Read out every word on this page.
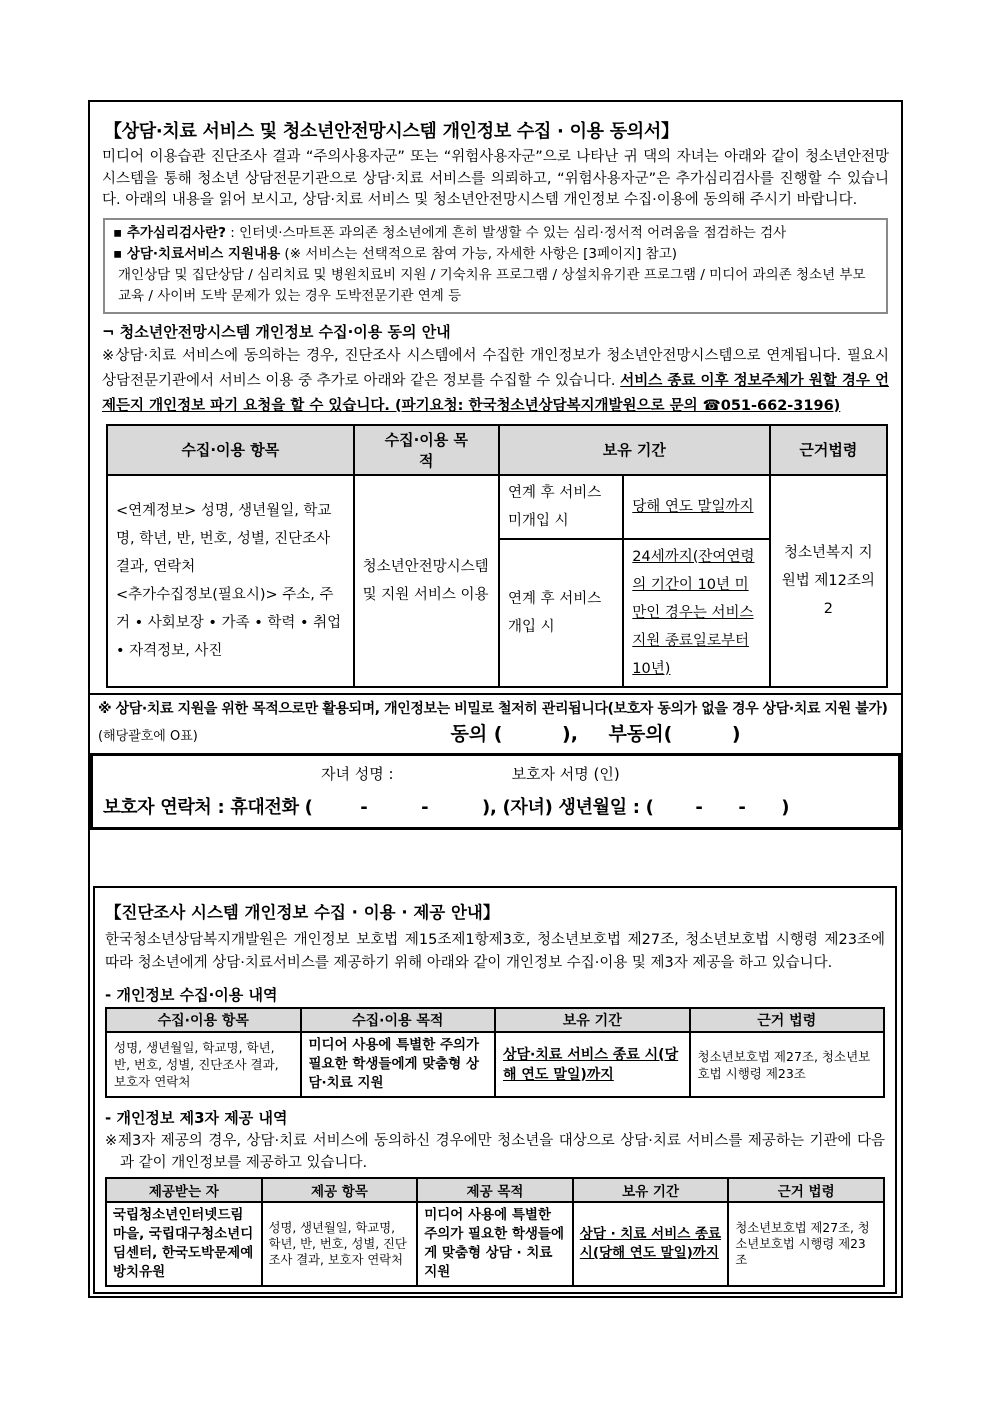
【상담·치료 서비스 및 청소년안전망시스템 개인정보 수집 · 이용 동의서】

미디어 이용습관 진단조사 결과 “주의사용자군” 또는 “위험사용자군”으로 나타난 귀 댁의 자녀는 아래와 같이 청소년안전망시스템을 통해 청소년 상담전문기관으로 상담·치료 서비스를 의뢰하고, “위험사용자군”은 추가심리검사를 진행할 수 있습니다. 아래의 내용을 읽어 보시고, 상담·치료 서비스 및 청소년안전망시스템 개인정보 수집·이용에 동의해 주시기 바랍니다.

▪ 추가심리검사란? : 인터넷·스마트폰 과의존 청소년에게 흔히 발생할 수 있는 심리·정서적 어려움을 점검하는 검사
▪ 상담·치료서비스 지원내용 (※ 서비스는 선택적으로 참여 가능, 자세한 사항은 [3페이지] 참고)
개인상담 및 집단상담 / 심리치료 및 병원치료비 지원 / 기숙치유 프로그램 / 상설치유기관 프로그램 / 미디어 과의존 청소년 부모교육 / 사이버 도박 문제가 있는 경우 도박전문기관 연계 등
¬ 청소년안전망시스템 개인정보 수집·이용 동의 안내

※상담·치료 서비스에 동의하는 경우, 진단조사 시스템에서 수집한 개인정보가 청소년안전망시스템으로 연계됩니다. 필요시 상담전문기관에서 서비스 이용 중 추가로 아래와 같은 정보를 수집할 수 있습니다. 서비스 종료 이후 정보주체가 원할 경우 언제든지 개인정보 파기 요청을 할 수 있습니다. (파기요청: 한국청소년상담복지개발원으로 문의 ☎051-662-3196)

수집·이용 항목	수집·이용 목적	보유 기간		근거법령

<연계정보> 성명, 생년월일, 학교명, 학년, 반, 번호, 성별, 진단조사 결과, 연락처
<추가수집정보(필요시)> 주소, 주거 • 사회보장 • 가족 • 학력 • 취업 • 자격정보, 사진	청소년안전망시스템 및 지원 서비스 이용	연계 후 서비스 미개입 시	당해 연도 말일까지	청소년복지 지원법 제12조의2
		연계 후 서비스 개입 시	24세까지(잔여연령의 기간이 10년 미만인 경우는 서비스 지원 종료일로부터 10년)	
※ 상담·치료 지원을 위한 목적으로만 활용되며, 개인정보는 비밀로 철저히 관리됩니다(보호자 동의가 없을 경우 상담·치료 지원 불가)
(해당괄호에 O표)	동의 (         ), 부동의(         )
자녀 성명 :	보호자 서명 (인)
보호자 연락처 : 휴대전화 (        -         -         ), (자녀) 생년월일 : (       -      -      )
【진단조사 시스템 개인정보 수집 · 이용 · 제공 안내】

한국청소년상담복지개발원은 개인정보 보호법 제15조제1항제3호, 청소년보호법 제27조, 청소년보호법 시행령 제23조에 따라 청소년에게 상담·치료서비스를 제공하기 위해 아래와 같이 개인정보 수집·이용 및 제3자 제공을 하고 있습니다.

- 개인정보 수집·이용 내역
수집·이용 항목	수집·이용 목적	보유 기간	근거 법령
성명, 생년월일, 학교명, 학년, 반, 번호, 성별, 진단조사 결과, 보호자 연락처	미디어 사용에 특별한 주의가 필요한 학생들에게 맞춤형 상담·치료 지원	상담·치료 서비스 종료 시(당해 연도 말일)까지	청소년보호법 제27조, 청소년보호법 시행령 제23조
- 개인정보 제3자 제공 내역

※제3자 제공의 경우, 상담·치료 서비스에 동의하신 경우에만 청소년을 대상으로 상담·치료 서비스를 제공하는 기관에 다음과 같이 개인정보를 제공하고 있습니다.

제공받는 자	제공 항목	제공 목적	보유 기간	근거 법령
국립청소년인터넷드림마을, 국립대구청소년디딤센터, 한국도박문제예방치유원	성명, 생년월일, 학교명, 학년, 반, 번호, 성별, 진단조사 결과, 보호자 연락처	미디어 사용에 특별한 주의가 필요한 학생들에게 맞춤형 상담 · 치료 지원	상담 · 치료 서비스 종료 시(당해 연도 말일)까지	청소년보호법 제27조, 청소년보호법 시행령 제23조
